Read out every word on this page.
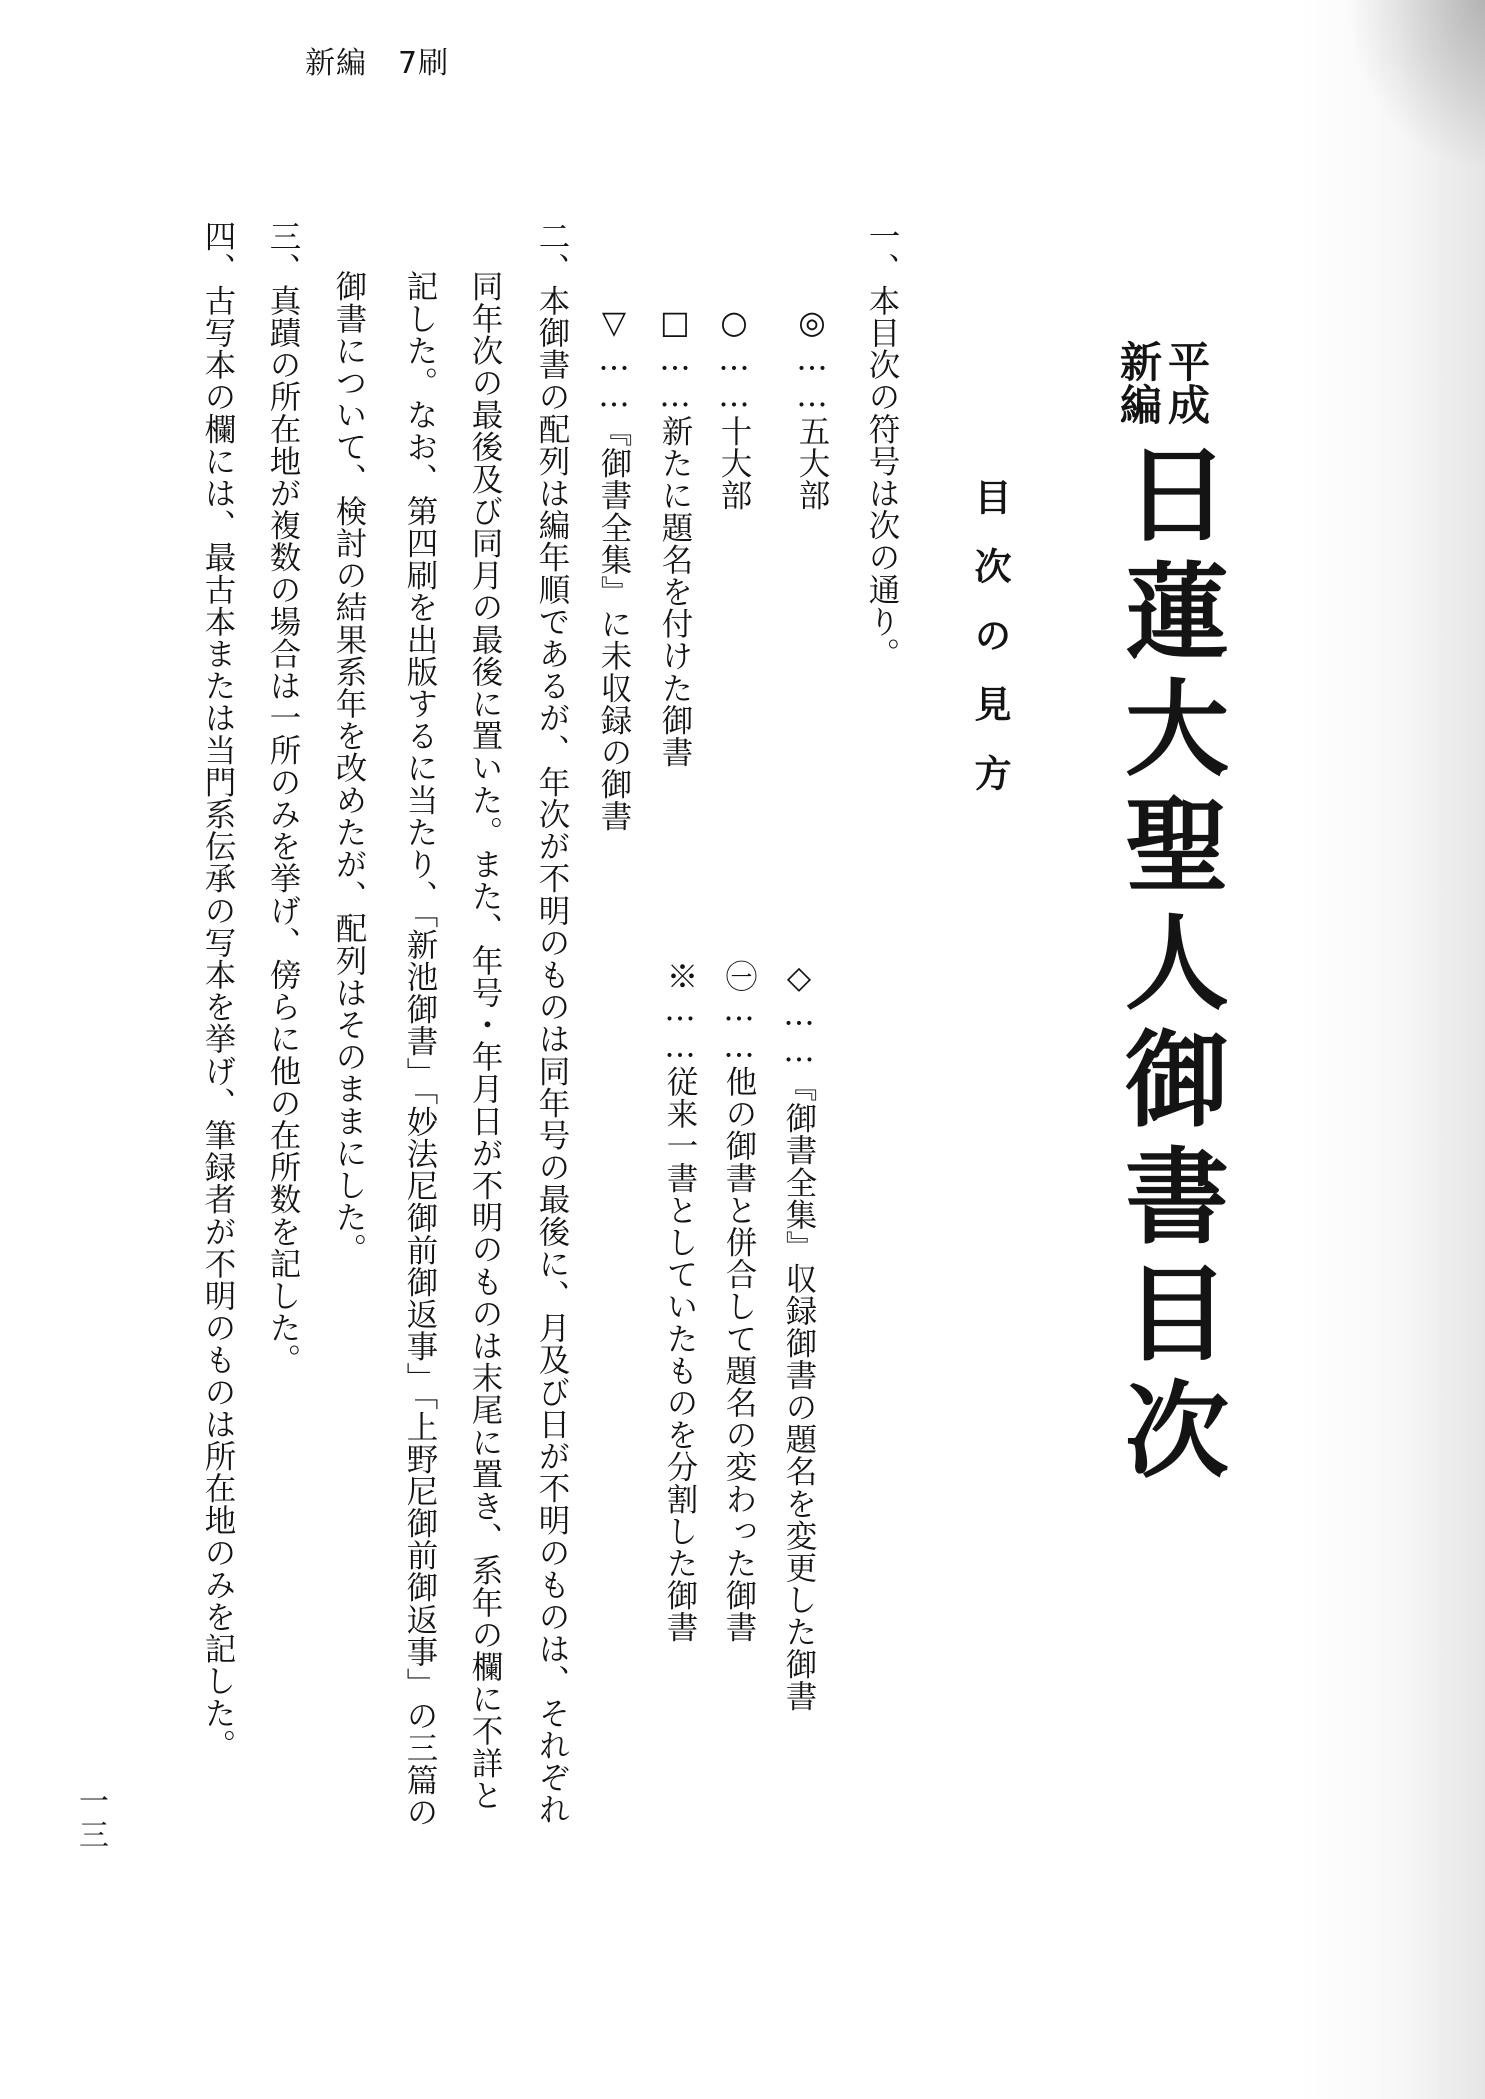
新編　7刷
平成
新編
日蓮大聖人御書目次
目次の見方

一、本目次の符号は次の通り。

◎……五大部

○……十大部

□……新たに題名を付けた御書

▽……『御書全集』に未収録の御書

◇……『御書全集』収録御書の題名を変更した御書

㊀……他の御書と併合して題名の変わった御書

※……従来一書としていたものを分割した御書

二、本御書の配列は編年順であるが、年次が不明のものは同年号の最後に、月及び日が不明のものは、それぞれ

同年次の最後及び同月の最後に置いた。また、年号・年月日が不明のものは末尾に置き、系年の欄に不詳と

記した。なお、第四刷を出版するに当たり、「新池御書」「妙法尼御前御返事」「上野尼御前御返事」の三篇の

御書について、検討の結果系年を改めたが、配列はそのままにした。

三、真蹟の所在地が複数の場合は一所のみを挙げ、傍らに他の在所数を記した。

四、古写本の欄には、最古本または当門系伝承の写本を挙げ、筆録者が不明のものは所在地のみを記した。

一三
